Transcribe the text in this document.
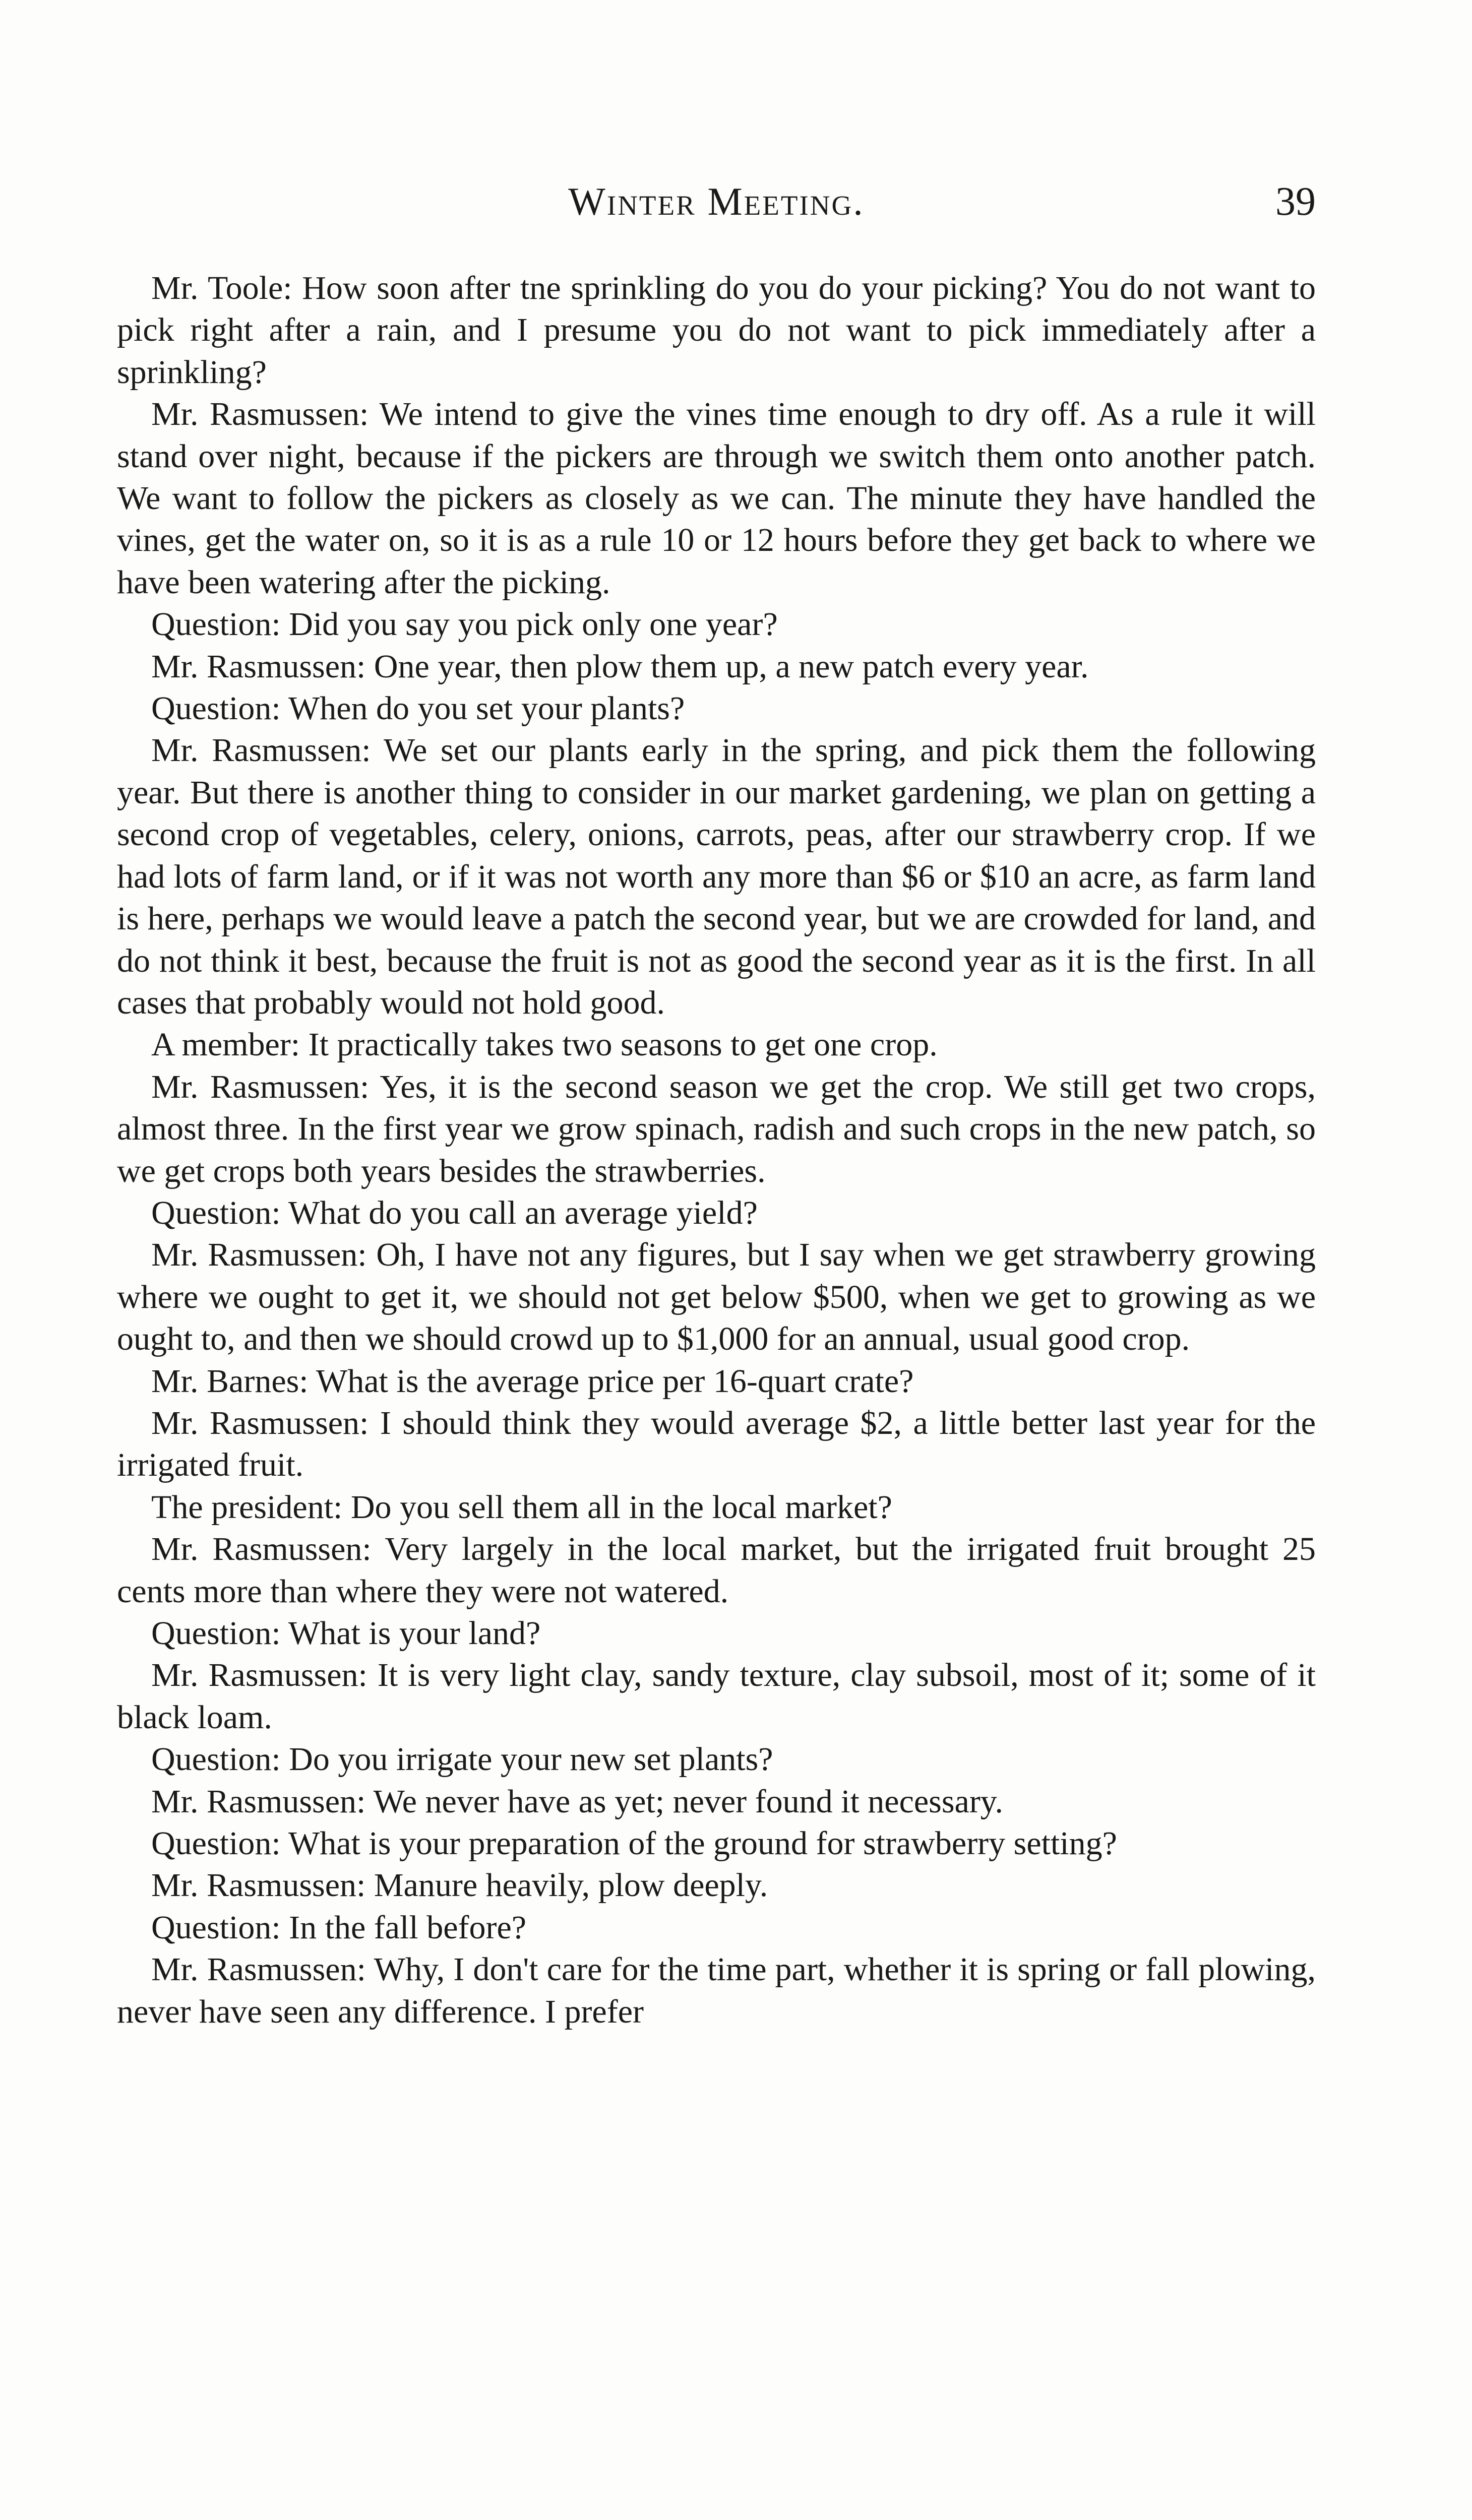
Winter Meeting.	39

Mr. Toole: How soon after tne sprinkling do you do your picking? You do not want to pick right after a rain, and I presume you do not want to pick immediately after a sprinkling?

Mr. Rasmussen: We intend to give the vines time enough to dry off. As a rule it will stand over night, because if the pickers are through we switch them onto another patch. We want to follow the pickers as closely as we can. The minute they have handled the vines, get the water on, so it is as a rule 10 or 12 hours before they get back to where we have been watering after the picking.

Question: Did you say you pick only one year?

Mr. Rasmussen: One year, then plow them up, a new patch every year.

Question: When do you set your plants?

Mr. Rasmussen: We set our plants early in the spring, and pick them the following year. But there is another thing to consider in our market gardening, we plan on getting a second crop of vegetables, celery, onions, carrots, peas, after our strawberry crop. If we had lots of farm land, or if it was not worth any more than $6 or $10 an acre, as farm land is here, perhaps we would leave a patch the second year, but we are crowded for land, and do not think it best, because the fruit is not as good the second year as it is the first. In all cases that probably would not hold good.

A member: It practically takes two seasons to get one crop.

Mr. Rasmussen: Yes, it is the second season we get the crop. We still get two crops, almost three. In the first year we grow spinach, radish and such crops in the new patch, so we get crops both years besides the strawberries.

Question: What do you call an average yield?

Mr. Rasmussen: Oh, I have not any figures, but I say when we get strawberry growing where we ought to get it, we should not get below $500, when we get to growing as we ought to, and then we should crowd up to $1,000 for an annual, usual good crop.

Mr. Barnes: What is the average price per 16-quart crate?

Mr. Rasmussen: I should think they would average $2, a little better last year for the irrigated fruit.

The president: Do you sell them all in the local market?

Mr. Rasmussen: Very largely in the local market, but the irrigated fruit brought 25 cents more than where they were not watered.

Question: What is your land?

Mr. Rasmussen: It is very light clay, sandy texture, clay subsoil, most of it; some of it black loam.

Question: Do you irrigate your new set plants?

Mr. Rasmussen: We never have as yet; never found it necessary.

Question: What is your preparation of the ground for strawberry setting?

Mr. Rasmussen: Manure heavily, plow deeply.

Question: In the fall before?

Mr. Rasmussen: Why, I don't care for the time part, whether it is spring or fall plowing, never have seen any difference. I prefer
